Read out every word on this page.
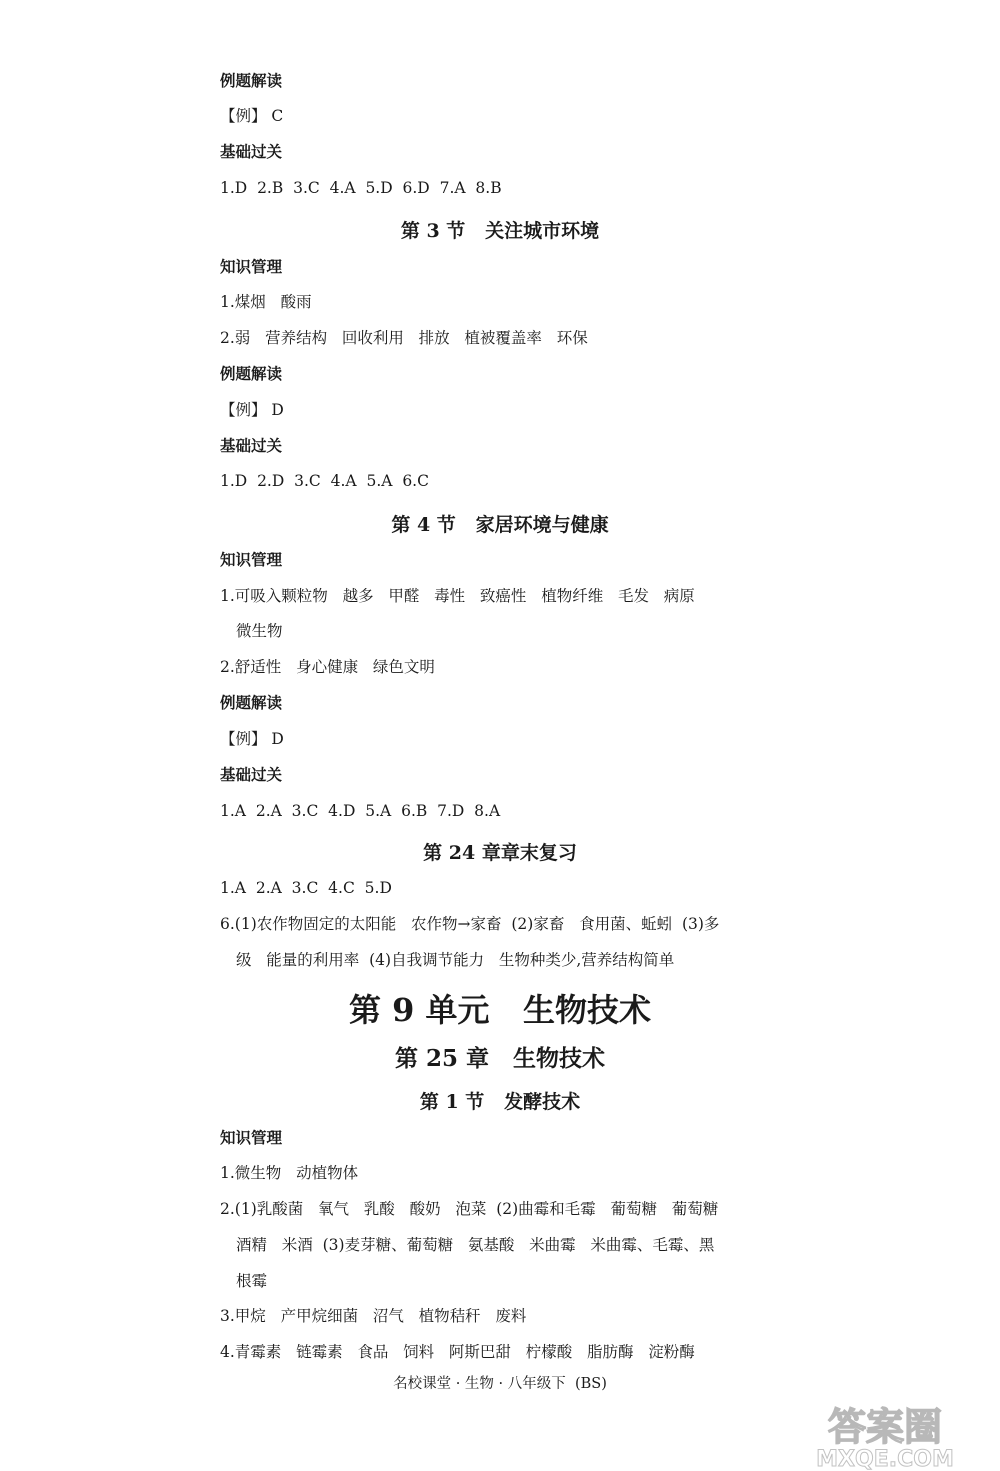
例题解读
【例】 C
基础过关
1.D  2.B  3.C  4.A  5.D  6.D  7.A  8.B
第 3 节   关注城市环境
知识管理
1.煤烟   酸雨
2.弱   营养结构   回收利用   排放   植被覆盖率   环保
例题解读
【例】 D
基础过关
1.D  2.D  3.C  4.A  5.A  6.C
第 4 节   家居环境与健康
知识管理
1.可吸入颗粒物   越多   甲醛   毒性   致癌性   植物纤维   毛发   病原
微生物
2.舒适性   身心健康   绿色文明
例题解读
【例】 D
基础过关
1.A  2.A  3.C  4.D  5.A  6.B  7.D  8.A
第 24 章章末复习
1.A  2.A  3.C  4.C  5.D
6.(1)农作物固定的太阳能   农作物→家畜  (2)家畜   食用菌、蚯蚓  (3)多
级   能量的利用率  (4)自我调节能力   生物种类少,营养结构简单
第 9 单元   生物技术
第 25 章   生物技术
第 1 节   发酵技术
知识管理
1.微生物   动植物体
2.(1)乳酸菌   氧气   乳酸   酸奶   泡菜  (2)曲霉和毛霉   葡萄糖   葡萄糖
酒精   米酒  (3)麦芽糖、葡萄糖   氨基酸   米曲霉   米曲霉、毛霉、黑
根霉
3.甲烷   产甲烷细菌   沼气   植物秸秆   废料
4.青霉素   链霉素   食品   饲料   阿斯巴甜   柠檬酸   脂肪酶   淀粉酶
名校课堂 · 生物 · 八年级下  (BS)
答案圈
MXQE.COM
